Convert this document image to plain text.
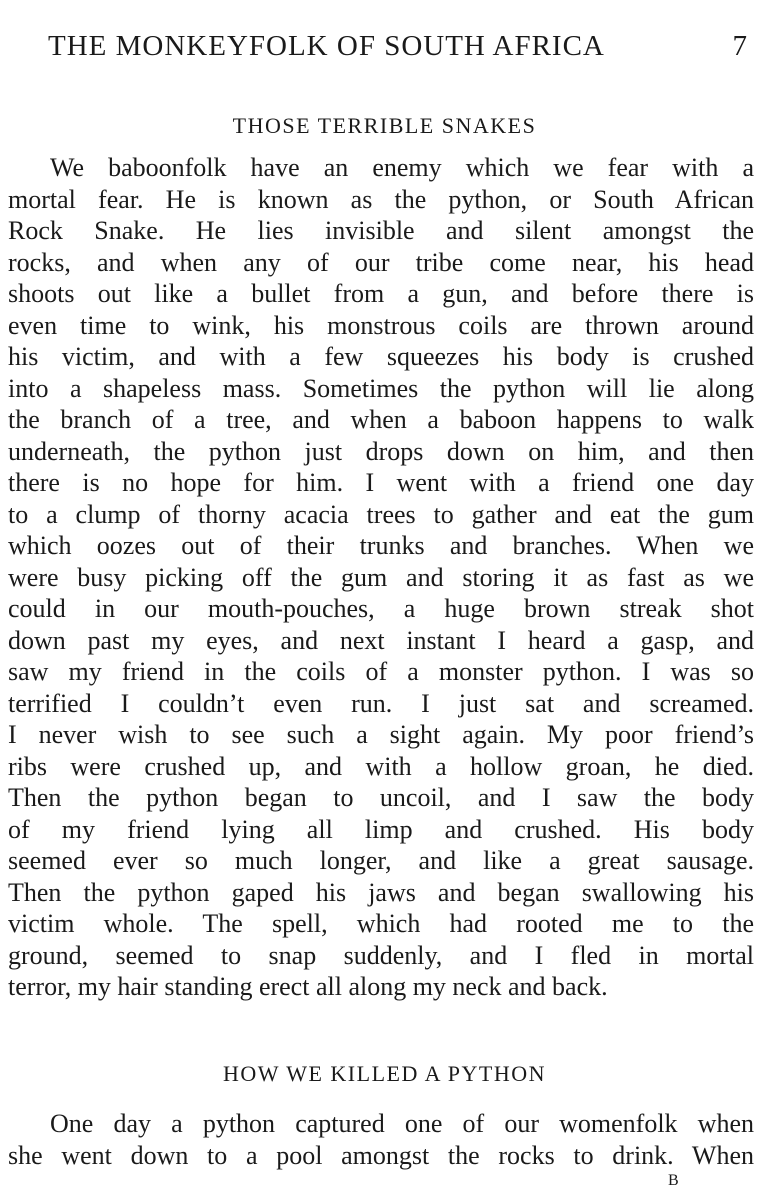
THE MONKEYFOLK OF SOUTH AFRICA	7
THOSE TERRIBLE SNAKES
We baboonfolk have an enemy which we fear with a
mortal fear. He is known as the python, or South African
Rock Snake. He lies invisible and silent amongst the
rocks, and when any of our tribe come near, his head
shoots out like a bullet from a gun, and before there is
even time to wink, his monstrous coils are thrown around
his victim, and with a few squeezes his body is crushed
into a shapeless mass. Sometimes the python will lie along
the branch of a tree, and when a baboon happens to walk
underneath, the python just drops down on him, and then
there is no hope for him. I went with a friend one day
to a clump of thorny acacia trees to gather and eat the gum
which oozes out of their trunks and branches. When we
were busy picking off the gum and storing it as fast as we
could in our mouth-pouches, a huge brown streak shot
down past my eyes, and next instant I heard a gasp, and
saw my friend in the coils of a monster python. I was so
terrified I couldn’t even run. I just sat and screamed.
I never wish to see such a sight again. My poor friend’s
ribs were crushed up, and with a hollow groan, he died.
Then the python began to uncoil, and I saw the body
of my friend lying all limp and crushed. His body
seemed ever so much longer, and like a great sausage.
Then the python gaped his jaws and began swallowing his
victim whole. The spell, which had rooted me to the
ground, seemed to snap suddenly, and I fled in mortal
terror, my hair standing erect all along my neck and back.
HOW WE KILLED A PYTHON
One day a python captured one of our womenfolk when
she went down to a pool amongst the rocks to drink. When
B
